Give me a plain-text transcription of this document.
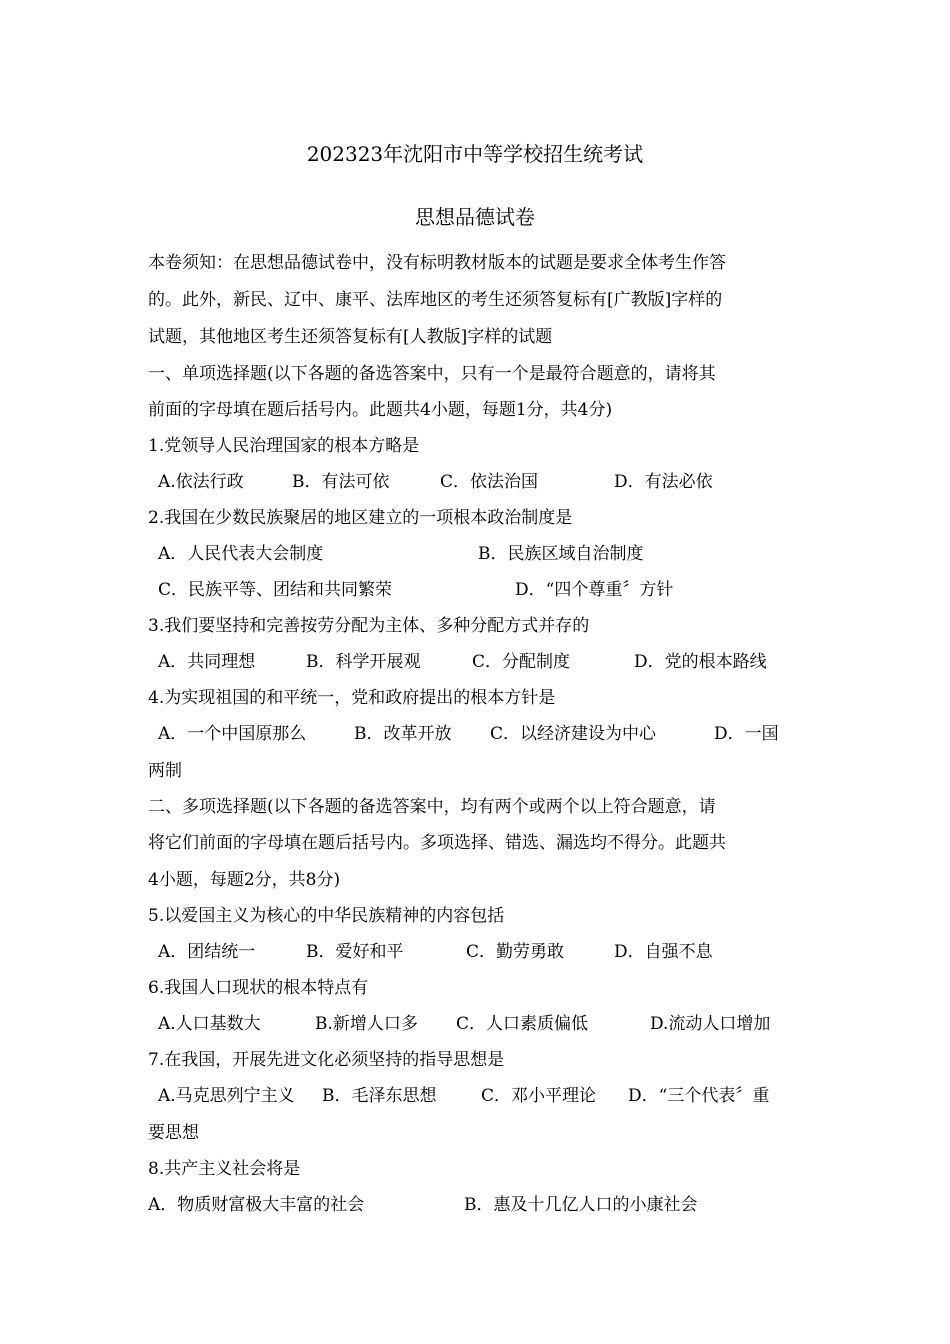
202323年沈阳市中等学校招生统考试
思想品德试卷
本卷须知：在思想品德试卷中，没有标明教材版本的试题是要求全体考生作答
的。此外，新民、辽中、康平、法库地区的考生还须答复标有[广教版]字样的
试题，其他地区考生还须答复标有[人教版]字样的试题
一、单项选择题(以下各题的备选答案中，只有一个是最符合题意的，请将其
前面的字母填在题后括号内。此题共4小题，每题1分，共4分)
1.党领导人民治理国家的根本方略是
A.依法行政	B．有法可依	C．依法治国	D．有法必依
2.我国在少数民族聚居的地区建立的一项根本政治制度是
A．人民代表大会制度	B．民族区域自治制度
C．民族平等、团结和共同繁荣	D．“四个尊重〞方针
3.我们要坚持和完善按劳分配为主体、多种分配方式并存的
A．共同理想	B．科学开展观	C．分配制度	D．党的根本路线
4.为实现祖国的和平统一，党和政府提出的根本方针是
A．一个中国原那么	B．改革开放 C．以经济建设为中心	D．一国
两制
二、多项选择题(以下各题的备选答案中，均有两个或两个以上符合题意，请
将它们前面的字母填在题后括号内。多项选择、错选、漏选均不得分。此题共
4小题，每题2分，共8分)
5.以爱国主义为核心的中华民族精神的内容包括
A．团结统一	B．爱好和平	C．勤劳勇敢	D．自强不息
6.我国人口现状的根本特点有
A.人口基数大	B.新增人口多 C．人口素质偏低	D.流动人口增加
7.在我国，开展先进文化必须坚持的指导思想是
A.马克思列宁主义 B．毛泽东思想	C．邓小平理论 D．“三个代表〞重
要思想
8.共产主义社会将是
A．物质财富极大丰富的社会	B．惠及十几亿人口的小康社会
